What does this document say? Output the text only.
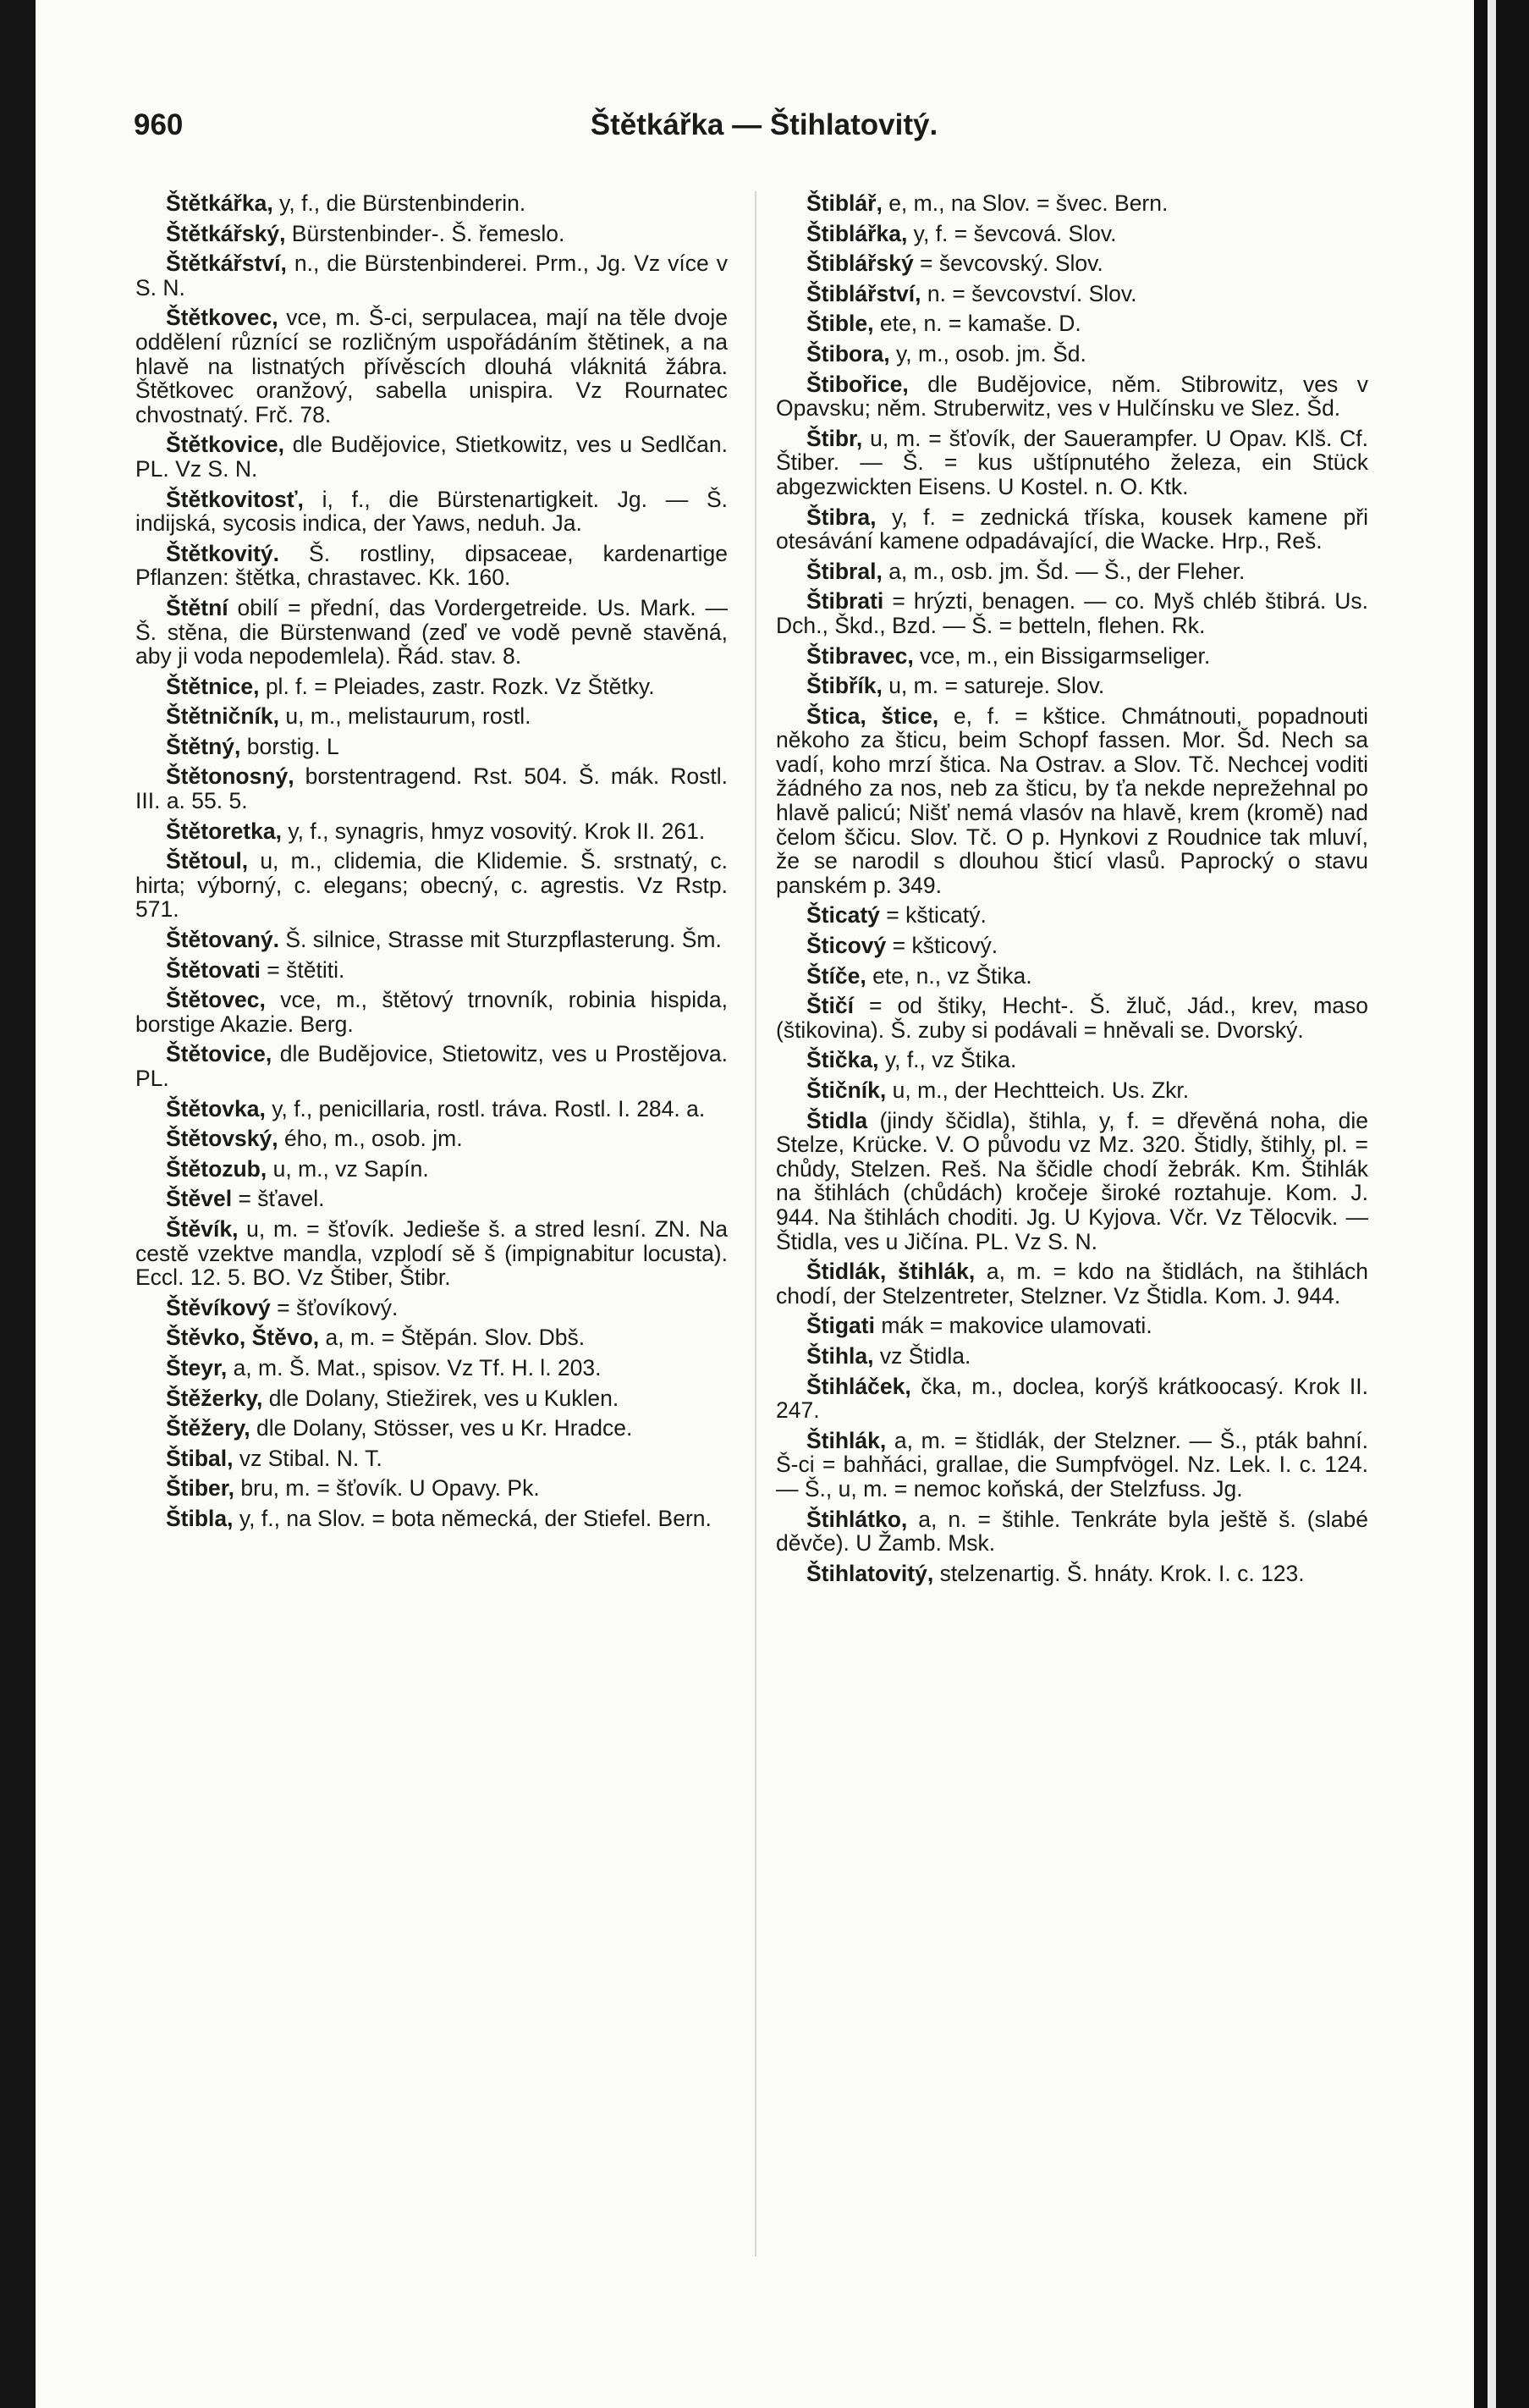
960	Štětkářka — Štihlatovitý.

Štětkářka, y, f., die Bürstenbinderin.

Štětkářský, Bürstenbinder-. Š. řemeslo.

Štětkářství, n., die Bürstenbinderei. Prm., Jg. Vz více v S. N.

Štětkovec, vce, m. Š-ci, serpulacea, mají na těle dvoje oddělení různící se rozličným uspořádáním štětinek, a na hlavě na listnatých přívěscích dlouhá vláknitá žábra. Štětkovec oranžový, sabella unispira. Vz Rournatec chvostnatý. Frč. 78.

Štětkovice, dle Budějovice, Stietkowitz, ves u Sedlčan. PL. Vz S. N.

Štětkovitosť, i, f., die Bürstenartigkeit. Jg. — Š. indijská, sycosis indica, der Yaws, neduh. Ja.

Štětkovitý. Š. rostliny, dipsaceae, kardenartige Pflanzen: štětka, chrastavec. Kk. 160.

Štětní obilí = přední, das Vordergetreide. Us. Mark. — Š. stěna, die Bürstenwand (zeď ve vodě pevně stavěná, aby ji voda nepodemlela). Řád. stav. 8.

Štětnice, pl. f. = Pleiades, zastr. Rozk. Vz Štětky.

Štětničník, u, m., melistaurum, rostl.

Štětný, borstig. L

Štětonosný, borstentragend. Rst. 504. Š. mák. Rostl. III. a. 55. 5.

Štětoretka, y, f., synagris, hmyz vosovitý. Krok II. 261.

Štětoul, u, m., clidemia, die Klidemie. Š. srstnatý, c. hirta; výborný, c. elegans; obecný, c. agrestis. Vz Rstp. 571.

Štětovaný. Š. silnice, Strasse mit Sturzpflasterung. Šm.

Štětovati = štětiti.

Štětovec, vce, m., štětový trnovník, robinia hispida, borstige Akazie. Berg.

Štětovice, dle Budějovice, Stietowitz, ves u Prostějova. PL.

Štětovka, y, f., penicillaria, rostl. tráva. Rostl. I. 284. a.

Štětovský, ého, m., osob. jm.

Štětozub, u, m., vz Sapín.

Štěvel = šťavel.

Štěvík, u, m. = šťovík. Jedieše š. a stred lesní. ZN. Na cestě vzektve mandla, vzplodí sě š (impignabitur locusta). Eccl. 12. 5. BO. Vz Štiber, Štibr.

Štěvíkový = šťovíkový.

Štěvko, Štěvo, a, m. = Štěpán. Slov. Dbš.

Šteyr, a, m. Š. Mat., spisov. Vz Tf. H. l. 203.

Štěžerky, dle Dolany, Stiežirek, ves u Kuklen.

Štěžery, dle Dolany, Stösser, ves u Kr. Hradce.

Štibal, vz Stibal. N. T.

Štiber, bru, m. = šťovík. U Opavy. Pk.

Štibla, y, f., na Slov. = bota německá, der Stiefel. Bern.

Štiblář, e, m., na Slov. = švec. Bern.

Štiblářka, y, f. = ševcová. Slov.

Štiblářský = ševcovský. Slov.

Štiblářství, n. = ševcovství. Slov.

Štible, ete, n. = kamaše. D.

Štibora, y, m., osob. jm. Šd.

Štibořice, dle Budějovice, něm. Stibrowitz, ves v Opavsku; něm. Struberwitz, ves v Hulčínsku ve Slez. Šd.

Štibr, u, m. = šťovík, der Sauerampfer. U Opav. Klš. Cf. Štiber. — Š. = kus uštípnutého železa, ein Stück abgezwickten Eisens. U Kostel. n. O. Ktk.

Štibra, y, f. = zednická tříska, kousek kamene při otesávání kamene odpadávající, die Wacke. Hrp., Reš.

Štibral, a, m., osb. jm. Šd. — Š., der Fleher.

Štibrati = hrýzti, benagen. — co. Myš chléb štibrá. Us. Dch., Škd., Bzd. — Š. = betteln, flehen. Rk.

Štibravec, vce, m., ein Bissigarmseliger.

Štibřík, u, m. = satureje. Slov.

Štica, štice, e, f. = kštice. Chmátnouti, popadnouti někoho za šticu, beim Schopf fassen. Mor. Šd. Nech sa vadí, koho mrzí štica. Na Ostrav. a Slov. Tč. Nechcej voditi žádného za nos, neb za šticu, by ťa nekde neprežehnal po hlavě palicú; Nišť nemá vlasóv na hlavě, krem (kromě) nad čelom ščicu. Slov. Tč. O p. Hynkovi z Roudnice tak mluví, že se narodil s dlouhou šticí vlasů. Paprocký o stavu panském p. 349.

Šticatý = kšticatý.

Šticový = kšticový.

Štíče, ete, n., vz Štika.

Štičí = od štiky, Hecht-. Š. žluč, Jád., krev, maso (štikovina). Š. zuby si podávali = hněvali se. Dvorský.

Štička, y, f., vz Štika.

Štičník, u, m., der Hechtteich. Us. Zkr.

Štidla (jindy ščidla), štihla, y, f. = dřevěná noha, die Stelze, Krücke. V. O původu vz Mz. 320. Štidly, štihly, pl. = chůdy, Stelzen. Reš. Na ščidle chodí žebrák. Km. Štihlák na štihlách (chůdách) kročeje široké roztahuje. Kom. J. 944. Na štihlách choditi. Jg. U Kyjova. Včr. Vz Tělocvik. — Štidla, ves u Jičína. PL. Vz S. N.

Štidlák, štihlák, a, m. = kdo na štidlách, na štihlách chodí, der Stelzentreter, Stelzner. Vz Štidla. Kom. J. 944.

Štigati mák = makovice ulamovati.

Štihla, vz Štidla.

Štihláček, čka, m., doclea, korýš krátkoocasý. Krok II. 247.

Štihlák, a, m. = štidlák, der Stelzner. — Š., pták bahní. Š-ci = bahňáci, grallae, die Sumpfvögel. Nz. Lek. I. c. 124. — Š., u, m. = nemoc koňská, der Stelzfuss. Jg.

Štihlátko, a, n. = štihle. Tenkráte byla ještě š. (slabé děvče). U Žamb. Msk.

Štihlatovitý, stelzenartig. Š. hnáty. Krok. I. c. 123.
